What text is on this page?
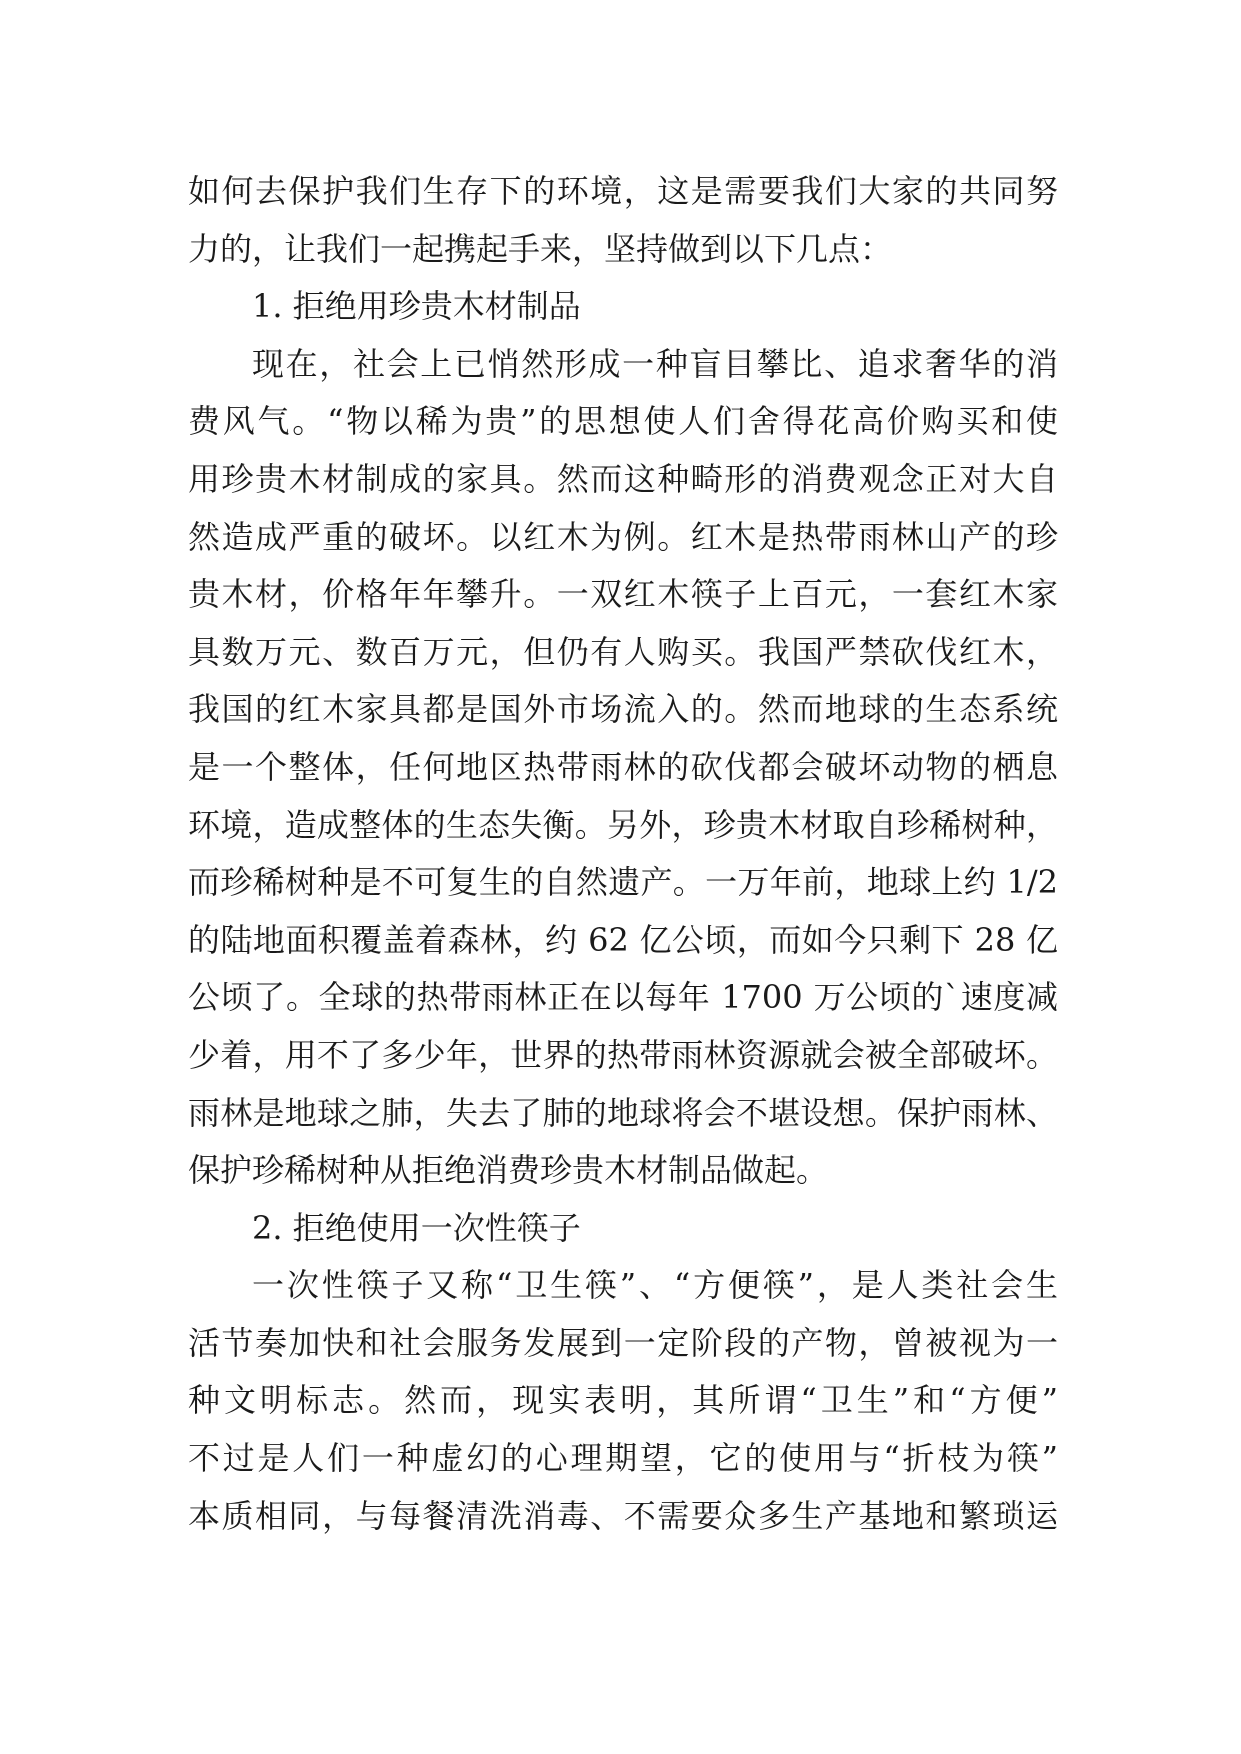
如何去保护我们生存下的环境，这是需要我们大家的共同努
力的，让我们一起携起手来，坚持做到以下几点：
1. 拒绝用珍贵木材制品
现在，社会上已悄然形成一种盲目攀比、追求奢华的消
费风气。“物以稀为贵”的思想使人们舍得花高价购买和使
用珍贵木材制成的家具。然而这种畸形的消费观念正对大自
然造成严重的破坏。以红木为例。红木是热带雨林山产的珍
贵木材，价格年年攀升。一双红木筷子上百元，一套红木家
具数万元、数百万元，但仍有人购买。我国严禁砍伐红木，
我国的红木家具都是国外市场流入的。然而地球的生态系统
是一个整体，任何地区热带雨林的砍伐都会破坏动物的栖息
环境，造成整体的生态失衡。另外，珍贵木材取自珍稀树种，
而珍稀树种是不可复生的自然遗产。一万年前，地球上约 1/2
的陆地面积覆盖着森林，约 62 亿公顷，而如今只剩下 28 亿
公顷了。全球的热带雨林正在以每年 1700 万公顷的`速度减
少着，用不了多少年，世界的热带雨林资源就会被全部破坏。
雨林是地球之肺，失去了肺的地球将会不堪设想。保护雨林、
保护珍稀树种从拒绝消费珍贵木材制品做起。
2. 拒绝使用一次性筷子
一次性筷子又称“卫生筷”、“方便筷”，是人类社会生
活节奏加快和社会服务发展到一定阶段的产物，曾被视为一
种文明标志。然而，现实表明，其所谓“卫生”和“方便”
不过是人们一种虚幻的心理期望，它的使用与“折枝为筷”
本质相同，与每餐清洗消毒、不需要众多生产基地和繁琐运
